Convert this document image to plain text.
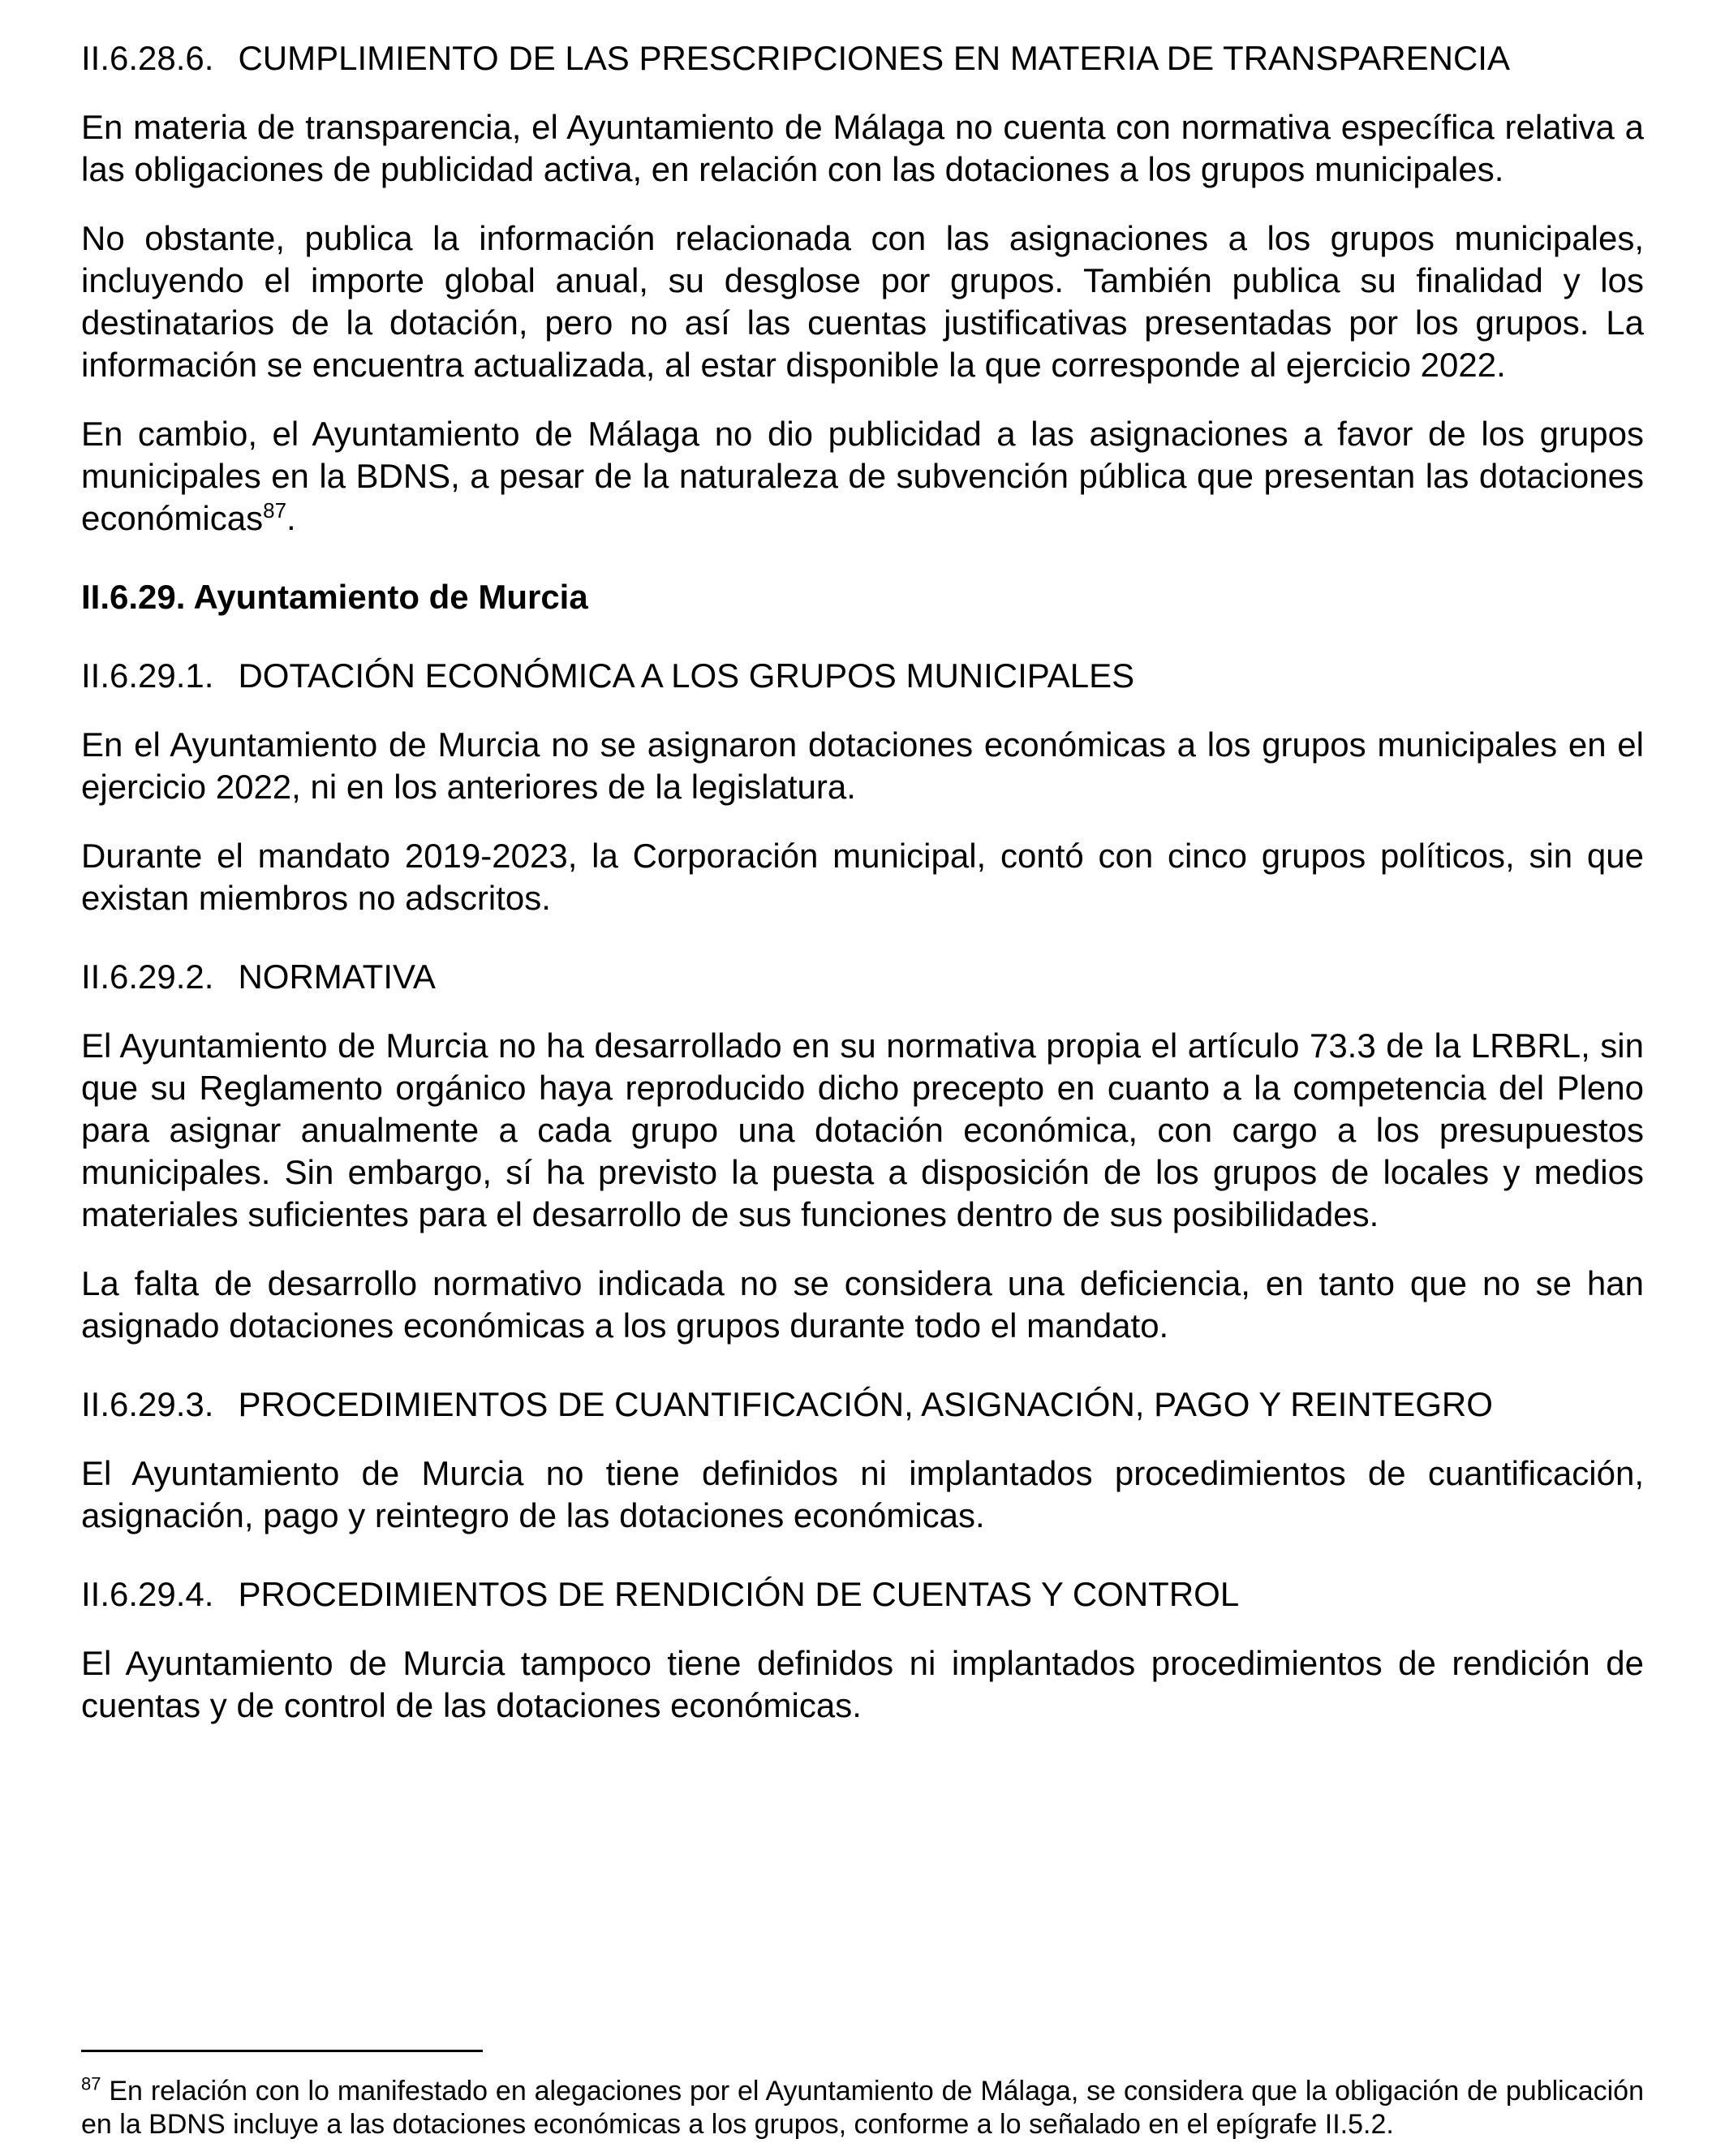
II.6.28.6. CUMPLIMIENTO DE LAS PRESCRIPCIONES EN MATERIA DE TRANSPARENCIA

En materia de transparencia, el Ayuntamiento de Málaga no cuenta con normativa específica relativa a las obligaciones de publicidad activa, en relación con las dotaciones a los grupos municipales.

No obstante, publica la información relacionada con las asignaciones a los grupos municipales, incluyendo el importe global anual, su desglose por grupos. También publica su finalidad y los destinatarios de la dotación, pero no así las cuentas justificativas presentadas por los grupos. La información se encuentra actualizada, al estar disponible la que corresponde al ejercicio 2022.

En cambio, el Ayuntamiento de Málaga no dio publicidad a las asignaciones a favor de los grupos municipales en la BDNS, a pesar de la naturaleza de subvención pública que presentan las dotaciones económicas$^{87}$.

II.6.29. Ayuntamiento de Murcia
II.6.29.1. DOTACIÓN ECONÓMICA A LOS GRUPOS MUNICIPALES

En el Ayuntamiento de Murcia no se asignaron dotaciones económicas a los grupos municipales en el ejercicio 2022, ni en los anteriores de la legislatura.

Durante el mandato 2019-2023, la Corporación municipal, contó con cinco grupos políticos, sin que existan miembros no adscritos.

II.6.29.2. NORMATIVA

El Ayuntamiento de Murcia no ha desarrollado en su normativa propia el artículo 73.3 de la LRBRL, sin que su Reglamento orgánico haya reproducido dicho precepto en cuanto a la competencia del Pleno para asignar anualmente a cada grupo una dotación económica, con cargo a los presupuestos municipales. Sin embargo, sí ha previsto la puesta a disposición de los grupos de locales y medios materiales suficientes para el desarrollo de sus funciones dentro de sus posibilidades.

La falta de desarrollo normativo indicada no se considera una deficiencia, en tanto que no se han asignado dotaciones económicas a los grupos durante todo el mandato.

II.6.29.3. PROCEDIMIENTOS DE CUANTIFICACIÓN, ASIGNACIÓN, PAGO Y REINTEGRO

El Ayuntamiento de Murcia no tiene definidos ni implantados procedimientos de cuantificación, asignación, pago y reintegro de las dotaciones económicas.

II.6.29.4. PROCEDIMIENTOS DE RENDICIÓN DE CUENTAS Y CONTROL

El Ayuntamiento de Murcia tampoco tiene definidos ni implantados procedimientos de rendición de cuentas y de control de las dotaciones económicas.

$^{87}$ En relación con lo manifestado en alegaciones por el Ayuntamiento de Málaga, se considera que la obligación de publicación en la BDNS incluye a las dotaciones económicas a los grupos, conforme a lo señalado en el epígrafe II.5.2.
